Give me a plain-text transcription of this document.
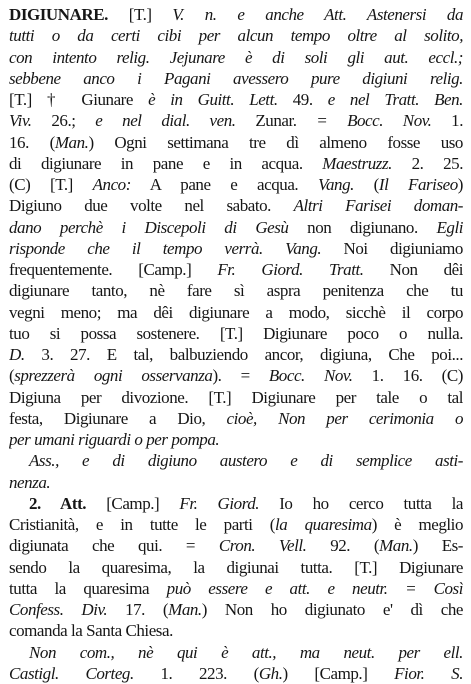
DIGIUNARE. [T.] V. n. e anche Att. Astenersi da
tutti o da certi cibi per alcun tempo oltre al solito,
con intento relig. Jejunare è di soli gli aut. eccl.;
sebbene anco i Pagani avessero pure digiuni relig.
[T.] † Giunare è in Guitt. Lett. 49. e nel Tratt. Ben.
Viv. 26.; e nel dial. ven. Zunar. = Bocc. Nov. 1.
16. (Man.) Ogni settimana tre dì almeno fosse uso
di digiunare in pane e in acqua. Maestruzz. 2. 25.
(C) [T.] Anco: A pane e acqua. Vang. (Il Fariseo)
Digiuno due volte nel sabato. Altri Farisei doman-
dano perchè i Discepoli di Gesù non digiunano. Egli
risponde che il tempo verrà. Vang. Noi digiuniamo
frequentemente. [Camp.] Fr. Giord. Tratt. Non dêi
digiunare tanto, nè fare sì aspra penitenza che tu
vegni meno; ma dêi digiunare a modo, sicchè il corpo
tuo si possa sostenere. [T.] Digiunare poco o nulla.
D. 3. 27. E tal, balbuziendo ancor, digiuna, Che poi...
(sprezzerà ogni osservanza). = Bocc. Nov. 1. 16. (C)
Digiuna per divozione. [T.] Digiunare per tale o tal
festa, Digiunare a Dio, cioè, Non per cerimonia o
per umani riguardi o per pompa.
Ass., e di digiuno austero e di semplice asti-
nenza.
2. Att. [Camp.] Fr. Giord. Io ho cerco tutta la
Cristianità, e in tutte le parti (la quaresima) è meglio
digiunata che qui. = Cron. Vell. 92. (Man.) Es-
sendo la quaresima, la digiunai tutta. [T.] Digiunare
tutta la quaresima può essere e att. e neutr. = Così
Confess. Div. 17. (Man.) Non ho digiunato e' dì che
comanda la Santa Chiesa.
Non com., nè qui è att., ma neut. per ell.
Castigl. Corteg. 1. 223. (Gh.) [Camp.] Fior. S.
